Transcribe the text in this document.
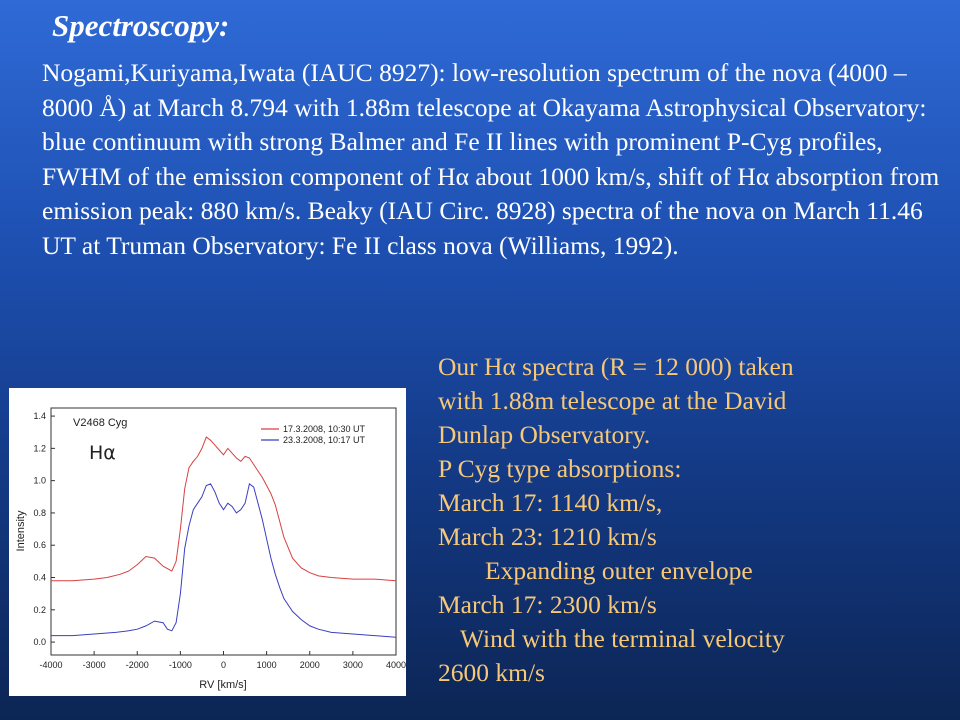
Spectroscopy:

Nogami,Kuriyama,Iwata (IAUC 8927): low-resolution spectrum of the nova (4000 – 8000 Å) at March 8.794 with 1.88m telescope at Okayama Astrophysical Observatory: blue continuum with strong Balmer and Fe II lines with prominent P-Cyg profiles, FWHM of the emission component of Hα about 1000 km/s, shift of Hα absorption from emission peak: 880 km/s. Beaky (IAU Circ. 8928) spectra of the nova on March 11.46 UT at Truman Observatory: Fe II class nova (Williams, 1992).

Our Hα spectra (R = 12 000) taken
with 1.88m telescope at the David
Dunlap Observatory.
P Cyg type absorptions:
March 17: 1140 km/s,
March 23: 1210 km/s
Expanding outer envelope
March 17: 2300 km/s
Wind with the terminal velocity
2600 km/s
-4000 -3000 -2000 -1000	0	1000	2000	3000	4000
0.0
0.2
0.4
0.6
0.8
1.0
1.2
1.4
V2468 Cyg
Hα
17.3.2008, 10:30 UT
23.3.2008, 10:17 UT
RV [km/s]
Intensity
